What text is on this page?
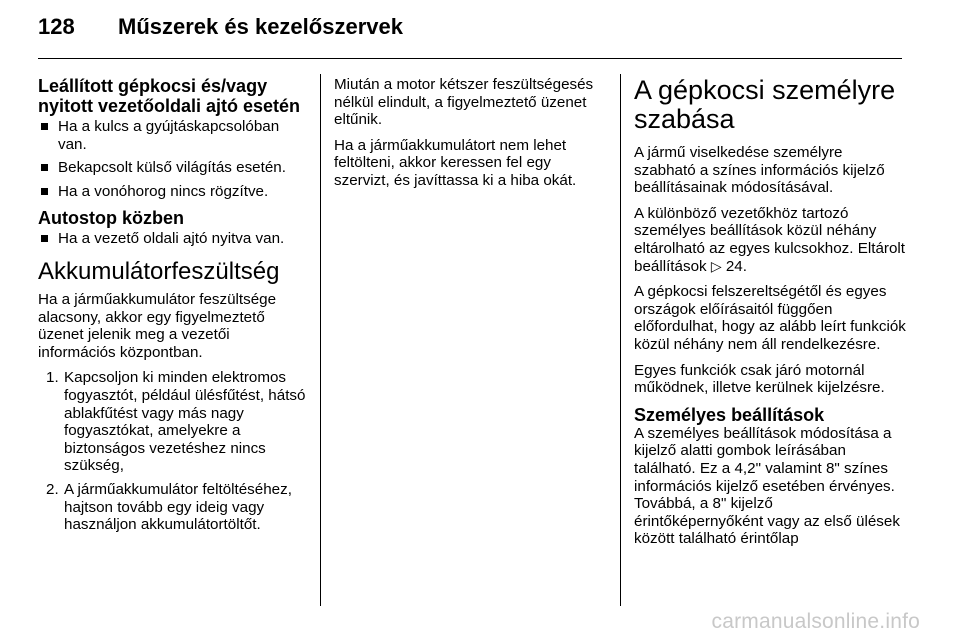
128 Műszerek és kezelőszervek
Leállított gépkocsi és/vagy nyitott vezetőoldali ajtó esetén
Ha a kulcs a gyújtáskapcsolóban van.
Bekapcsolt külső világítás esetén.
Ha a vonóhorog nincs rögzítve.
Autostop közben
Ha a vezető oldali ajtó nyitva van.
Akkumulátorfeszültség

Ha a járműakkumulátor feszültsége alacsony, akkor egy figyelmeztető üzenet jelenik meg a vezetői információs központban.

1. Kapcsoljon ki minden elektromos fogyasztót, például ülésfűtést, hátsó ablakfűtést vagy más nagy fogyasztókat, amelyekre a biztonságos vezetéshez nincs szükség,
2. A járműakkumulátor feltöltéséhez, hajtson tovább egy ideig vagy használjon akkumulátortöltőt.

Miután a motor kétszer feszültségesés nélkül elindult, a figyelmeztető üzenet eltűnik.

Ha a járműakkumulátort nem lehet feltölteni, akkor keressen fel egy szervizt, és javíttassa ki a hiba okát.

A gépkocsi személyre szabása

A jármű viselkedése személyre szabható a színes információs kijelző beállításainak módosításával.

A különböző vezetőkhöz tartozó személyes beállítások közül néhány eltárolható az egyes kulcsokhoz. Eltárolt beállítások ▷ 24.

A gépkocsi felszereltségétől és egyes országok előírásaitól függően előfordulhat, hogy az alább leírt funkciók közül néhány nem áll rendelkezésre.

Egyes funkciók csak járó motornál működnek, illetve kerülnek kijelzésre.

Személyes beállítások

A személyes beállítások módosítása a kijelző alatti gombok leírásában található. Ez a 4,2" valamint 8" színes információs kijelző esetében érvényes. Továbbá, a 8" kijelző érintőképernyőként vagy az első ülések között található érintőlap

carmanualsonline.info
